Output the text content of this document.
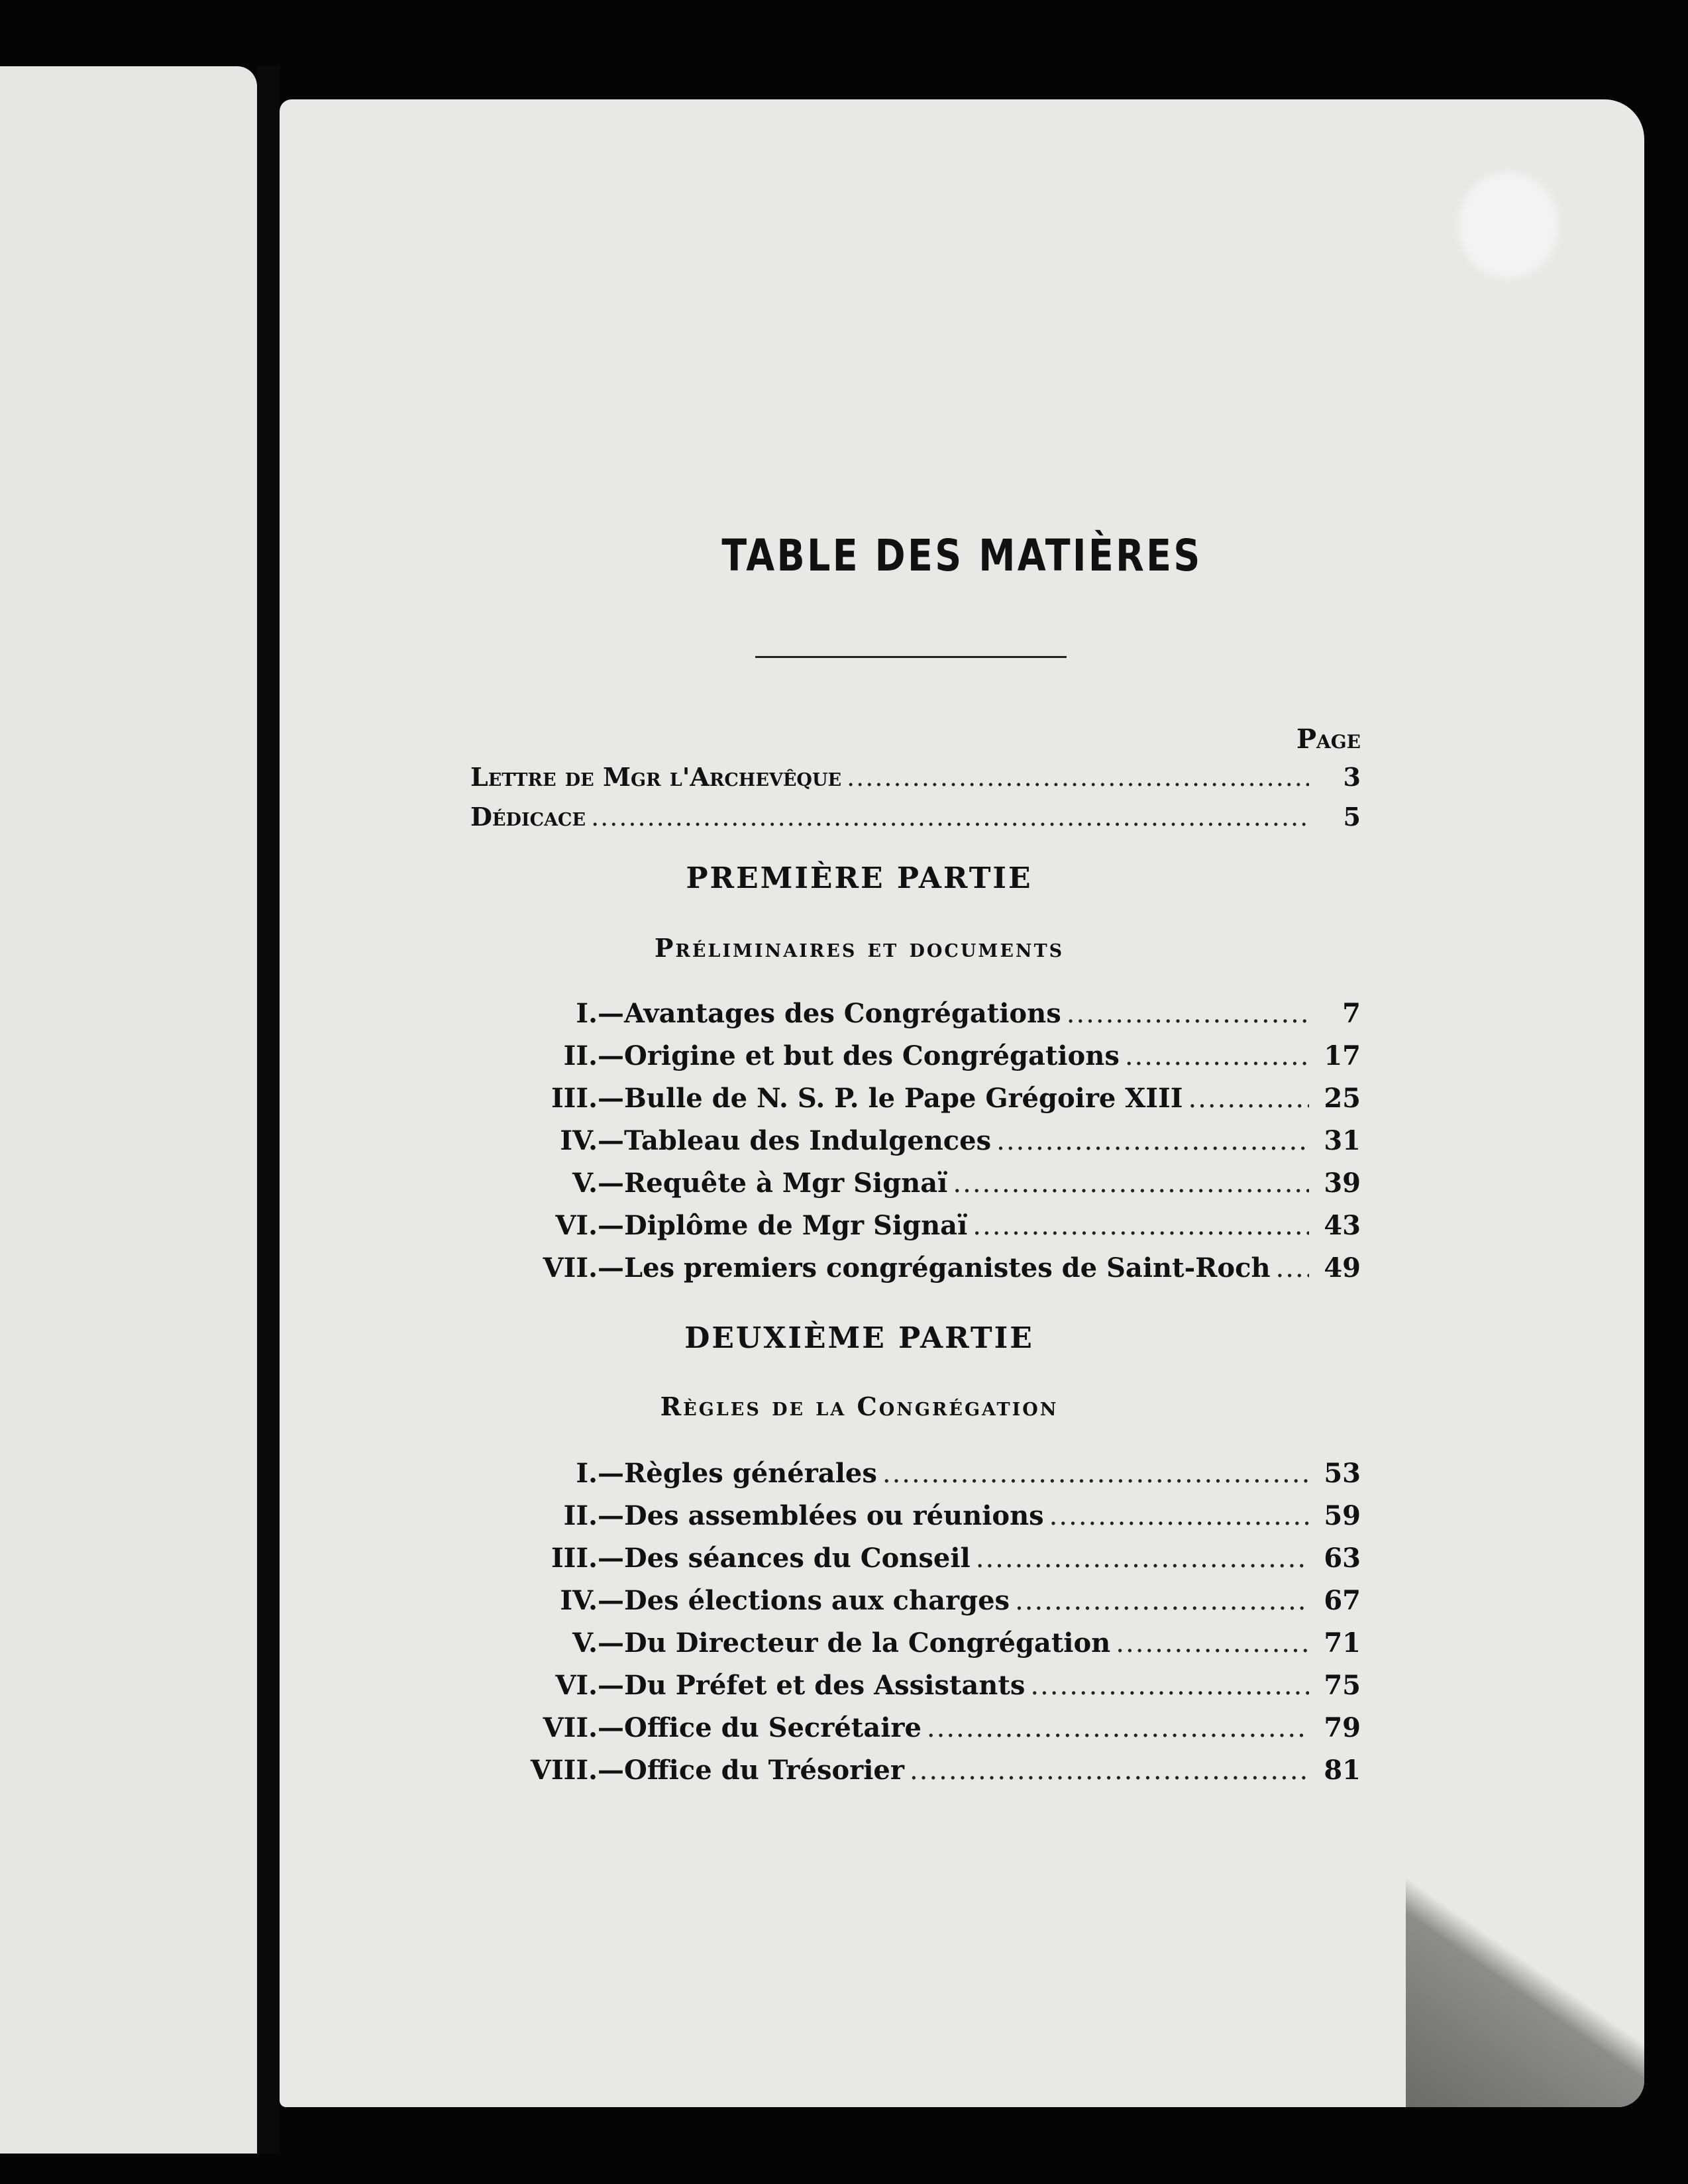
TABLE DES MATIÈRES
Page
Lettre de Mgr l'Archevêque .....	3
Dédicace .....	5
PREMIÈRE PARTIE
Préliminaires et documents
I.—Avantages des Congrégations .....	7
II.—Origine et but des Congrégations .....	17
III.—Bulle de N. S. P. le Pape Grégoire XIII .....	25
IV.—Tableau des Indulgences .....	31
V.—Requête à Mgr Signaï .....	39
VI.—Diplôme de Mgr Signaï .....	43
VII.—Les premiers congréganistes de Saint-Roch .....	49
DEUXIÈME PARTIE
Règles de la Congrégation
I.—Règles générales .....	53
II.—Des assemblées ou réunions .....	59
III.—Des séances du Conseil .....	63
IV.—Des élections aux charges .....	67
V.—Du Directeur de la Congrégation .....	71
VI.—Du Préfet et des Assistants .....	75
VII.—Office du Secrétaire .....	79
VIII.—Office du Trésorier .....	81
